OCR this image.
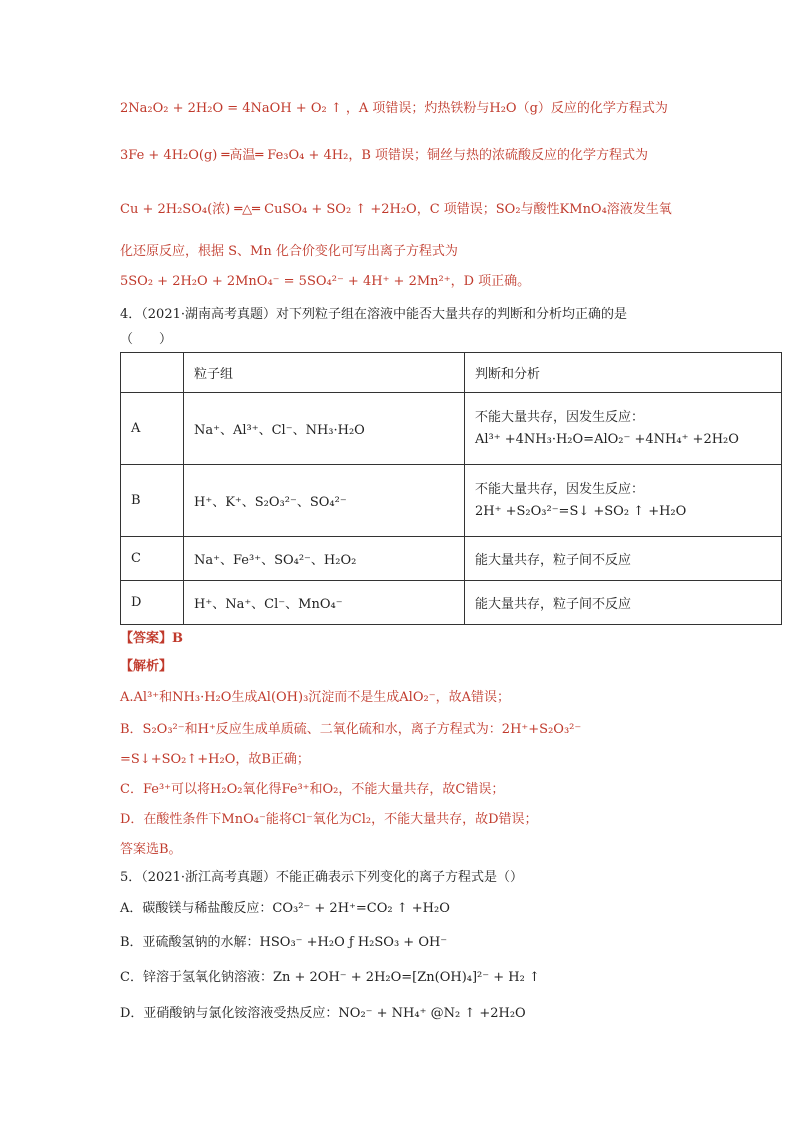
2Na₂O₂ + 2H₂O = 4NaOH + O₂ ↑ ，A 项错误；灼热铁粉与H₂O（g）反应的化学方程式为
3Fe + 4H₂O(g) ═高温═ Fe₃O₄ + 4H₂，B 项错误；铜丝与热的浓硫酸反应的化学方程式为
Cu + 2H₂SO₄(浓) ═△═ CuSO₄ + SO₂ ↑ +2H₂O，C 项错误；SO₂与酸性KMnO₄溶液发生氧
化还原反应，根据 S、Mn 化合价变化可写出离子方程式为
5SO₂ + 2H₂O + 2MnO₄⁻ = 5SO₄²⁻ + 4H⁺ + 2Mn²⁺，D 项正确。
4．（2021·湖南高考真题）对下列粒子组在溶液中能否大量共存的判断和分析均正确的是
（　　）
	粒子组	判断和分析
A	Na⁺、Al³⁺、Cl⁻、NH₃·H₂O	不能大量共存，因发生反应：
Al³⁺ +4NH₃·H₂O=AlO₂⁻ +4NH₄⁺ +2H₂O

B	H⁺、K⁺、S₂O₃²⁻、SO₄²⁻	不能大量共存，因发生反应：
2H⁺ +S₂O₃²⁻=S↓ +SO₂ ↑ +H₂O

C	Na⁺、Fe³⁺、SO₄²⁻、H₂O₂	能大量共存，粒子间不反应
D	H⁺、Na⁺、Cl⁻、MnO₄⁻	能大量共存，粒子间不反应
【答案】B
【解析】
A.Al³⁺和NH₃·H₂O生成Al(OH)₃沉淀而不是生成AlO₂⁻，故A错误；
B．S₂O₃²⁻和H⁺反应生成单质硫、二氧化硫和水，离子方程式为：2H⁺+S₂O₃²⁻
=S↓+SO₂↑+H₂O，故B正确；
C．Fe³⁺可以将H₂O₂氧化得Fe³⁺和O₂，不能大量共存，故C错误；
D．在酸性条件下MnO₄⁻能将Cl⁻氧化为Cl₂，不能大量共存，故D错误；
答案选B。
5．（2021·浙江高考真题）不能正确表示下列变化的离子方程式是（）
A．碳酸镁与稀盐酸反应：CO₃²⁻ + 2H⁺=CO₂ ↑ +H₂O
B．亚硫酸氢钠的水解：HSO₃⁻ +H₂O ƒ H₂SO₃ + OH⁻
C．锌溶于氢氧化钠溶液：Zn + 2OH⁻ + 2H₂O=[Zn(OH)₄]²⁻ + H₂ ↑
D．亚硝酸钠与氯化铵溶液受热反应：NO₂⁻ + NH₄⁺ @N₂ ↑ +2H₂O
